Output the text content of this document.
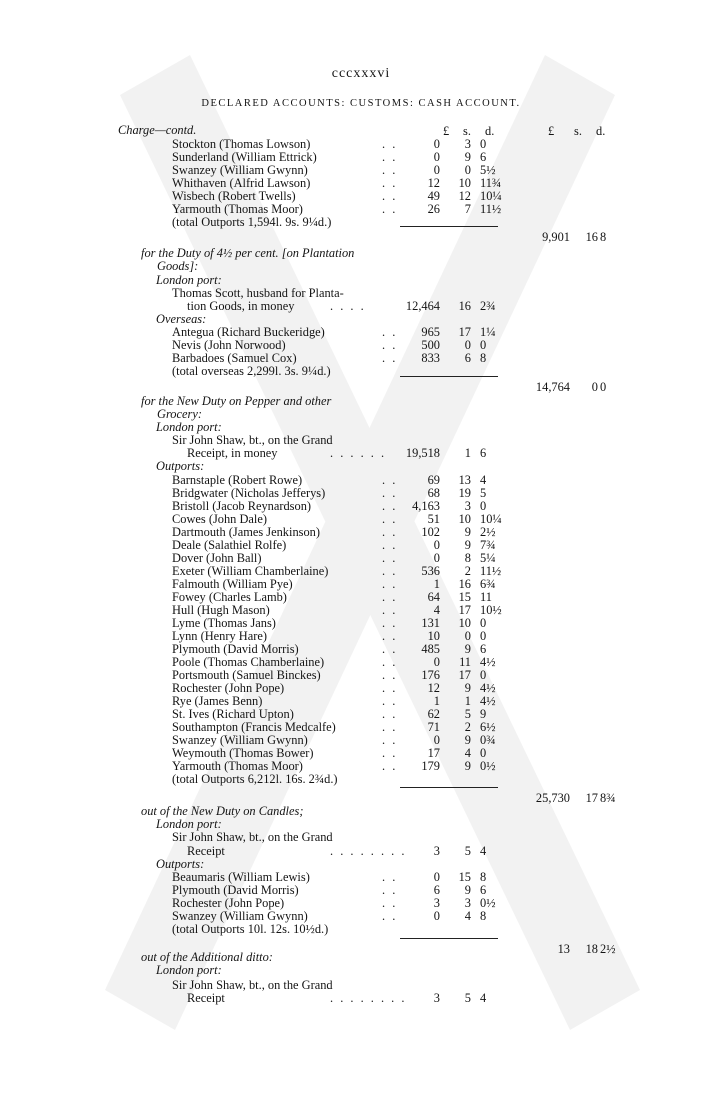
cccxxxvi
DECLARED ACCOUNTS: CUSTOMS: CASH ACCOUNT.
£ s. d.	£ s. d.
Charge—contd.
Stockton (Thomas Lowson)	. .	0	3 0
Sunderland (William Ettrick)	. .	0	9 6
Swanzey (William Gwynn)	. .	0	0 5½
Whithaven (Alfrid Lawson)	. .	12	10 11¾
Wisbech (Robert Twells)	. .	49	12 10¼
Yarmouth (Thomas Moor)	. .	26	7 11½
(total Outports 1,594l. 9s. 9¼d.)
9,901	16 8
for the Duty of 4½ per cent. [on Plantation
Goods]:
London port:
Thomas Scott, husband for Planta-
tion Goods, in money	. . . .	12,464	16 2¾
Overseas:
Antegua (Richard Buckeridge)	. .	965	17 1¼
Nevis (John Norwood)	. .	500	0 0
Barbadoes (Samuel Cox)	. .	833	6 8
(total overseas 2,299l. 3s. 9¼d.)
14,764	0 0
for the New Duty on Pepper and other
Grocery:
London port:
Sir John Shaw, bt., on the Grand
Receipt, in money	. . . . . .	19,518	1 6
Outports:
Barnstaple (Robert Rowe)	. .	69	13 4
Bridgwater (Nicholas Jefferys)	. .	68	19 5
Bristoll (Jacob Reynardson)	. .	4,163	3 0
Cowes (John Dale)	. .	51	10 10¼
Dartmouth (James Jenkinson)	. .	102	9 2½
Deale (Salathiel Rolfe)	. .	0	9 7¾
Dover (John Ball)	. .	0	8 5¼
Exeter (William Chamberlaine)	. .	536	2 11½
Falmouth (William Pye)	. .	1	16 6¾
Fowey (Charles Lamb)	. .	64	15 11
Hull (Hugh Mason)	. .	4	17 10½
Lyme (Thomas Jans)	. .	131	10 0
Lynn (Henry Hare)	. .	10	0 0
Plymouth (David Morris)	. .	485	9 6
Poole (Thomas Chamberlaine)	. .	0	11 4½
Portsmouth (Samuel Binckes)	. .	176	17 0
Rochester (John Pope)	. .	12	9 4½
Rye (James Benn)	. .	1	1 4½
St. Ives (Richard Upton)	. .	62	5 9
Southampton (Francis Medcalfe)	. .	71	2 6½
Swanzey (William Gwynn)	. .	0	9 0¾
Weymouth (Thomas Bower)	. .	17	4 0
Yarmouth (Thomas Moor)	. .	179	9 0½
(total Outports 6,212l. 16s. 2¾d.)
25,730	17 8¾
out of the New Duty on Candles;
London port:
Sir John Shaw, bt., on the Grand
Receipt	. . . . . . . .	3	5 4
Outports:
Beaumaris (William Lewis)	. .	0	15 8
Plymouth (David Morris)	. .	6	9 6
Rochester (John Pope)	. .	3	3 0½
Swanzey (William Gwynn)	. .	0	4 8
(total Outports 10l. 12s. 10½d.)
13	18 2½
out of the Additional ditto:
London port:
Sir John Shaw, bt., on the Grand
Receipt	. . . . . . . .	3	5 4
